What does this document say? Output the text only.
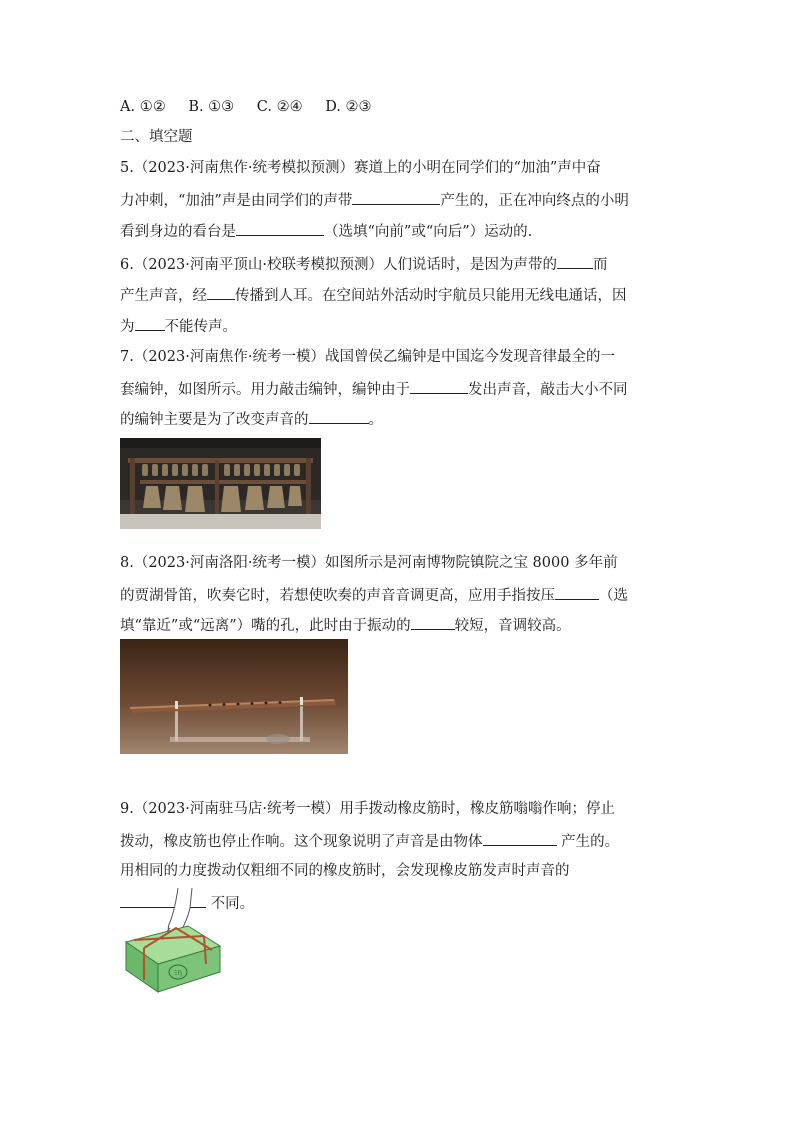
A. ①② B. ①③ C. ②④ D. ②③
二、填空题
5.（2023·河南焦作·统考模拟预测）赛道上的小明在同学们的“加油”声中奋
力冲刺，“加油”声是由同学们的声带	产生的，正在冲向终点的小明
看到身边的看台是	（选填“向前”或“向后”）运动的.
6.（2023·河南平顶山·校联考模拟预测）人们说话时，是因为声带的 而
产生声音，经 传播到人耳。在空间站外活动时宇航员只能用无线电通话，因
为 不能传声。
7.（2023·河南焦作·统考一模）战国曾侯乙编钟是中国迄今发现音律最全的一
套编钟，如图所示。用力敲击编钟，编钟由于	发出声音，敲击大小不同
的编钟主要是为了改变声音的	。
8.（2023·河南洛阳·统考一模）如图所示是河南博物院镇院之宝 8000 多年前
的贾湖骨笛，吹奏它时，若想使吹奏的声音音调更高，应用手指按压	（选
填“靠近”或“远离”）嘴的孔，此时由于振动的	较短，音调较高。
9.（2023·河南驻马店·统考一模）用手拨动橡皮筋时，橡皮筋嗡嗡作响；停止
拨动，橡皮筋也停止作响。这个现象说明了声音是由物体	产生的。
用相同的力度拨动仅粗细不同的橡皮筋时，会发现橡皮筋发声时声音的
不同。
ΞŊ
